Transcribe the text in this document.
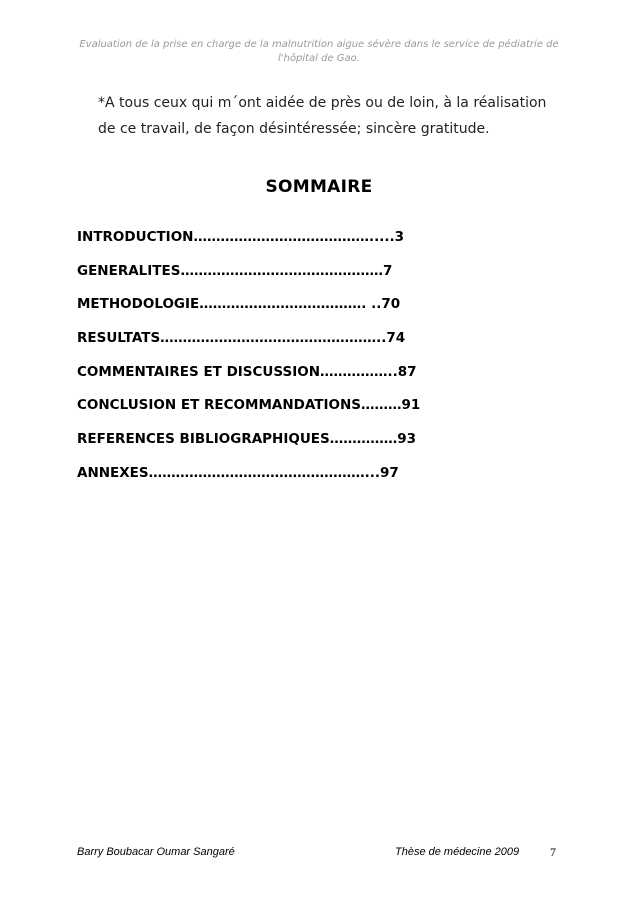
Evaluation de la prise en charge de la malnutrition aigue sévère dans le service de pédiatrie de
l'hôpital de Gao.
*A tous ceux qui m´ont aidée de près ou de loin, à la réalisation
de ce travail, de façon désintéressée; sincère gratitude.
SOMMAIRE
INTRODUCTION………………………………….....3
GENERALITES………………………………………7
METHODOLOGIE………………………………. ..70
RESULTATS…………………………………………..74
COMMENTAIRES ET DISCUSSION……………..87
CONCLUSION ET RECOMMANDATIONS………91
REFERENCES BIBLIOGRAPHIQUES……………93
ANNEXES…………………………………………...97
Barry Boubacar Oumar Sangaré	Thèse de médecine 2009	7
